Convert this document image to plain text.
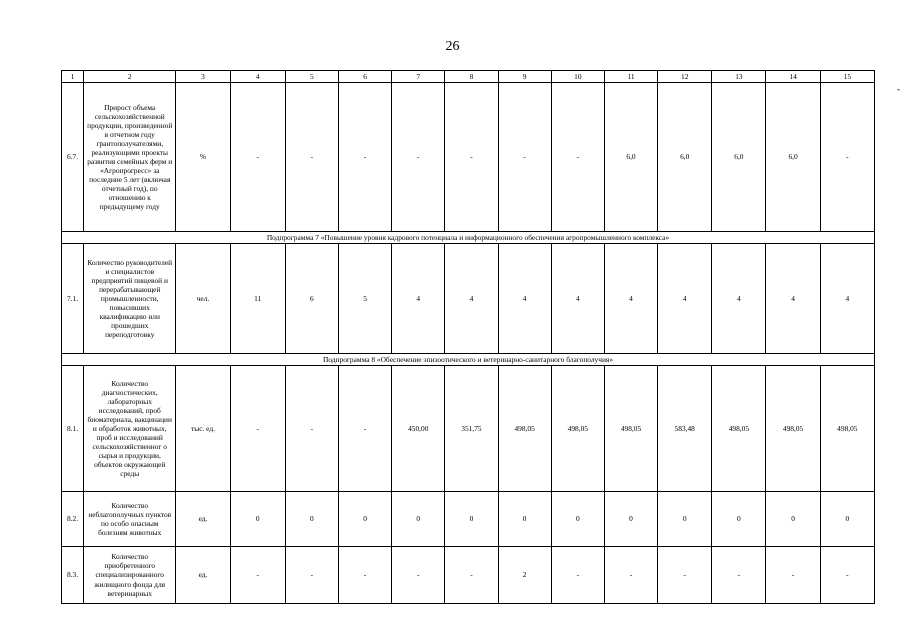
26
-
1	2	3	4	5	6	7	8	9	10	11	12	13	14	15
6.7.	Прирост объема сельскохозяйственной продукции, произведенной в отчетном году грантополучателями, реализующими проекты развития семейных ферм и «Агропрогресс» за последние 5 лет (включая отчетный год), по отношению к предыдущему году	%	-	-	-	-	-	-	-	6,0	6,0	6,0	6,0	-
Подпрограмма 7 «Повышение уровня кадрового потенциала и информационного обеспечения агропромышленного комплекса»														
7.1.	Количество руководителей и специалистов предприятий пищевой и перерабатывающей промышленности, повысивших квалификацию или прошедших переподготовку	чел.	11	6	5	4	4	4	4	4	4	4	4	4
Подпрограмма 8 «Обеспечение эпизоотического и ветеринарно-санитарного благополучия»														
8.1.	Количество диагностических, лабораторных исследований, проб биоматериала, вакцинации и обработок животных, проб и исследований сельскохозяйственног о сырья и продукции, объектов окружающей среды	тыс. ед.	-	-	-	450,00	351,75	498,05	498,05	498,05	583,48	498,05	498,05	498,05
8.2.	Количество неблагополучных пунктов по особо опасным болезням животных	ед.	0	0	0	0	0	0	0	0	0	0	0	0
8.3.	Количество приобретенного специализированного жилищного фонда для ветеринарных	ед.	-	-	-	-	-	2	-	-	-	-	-	-
